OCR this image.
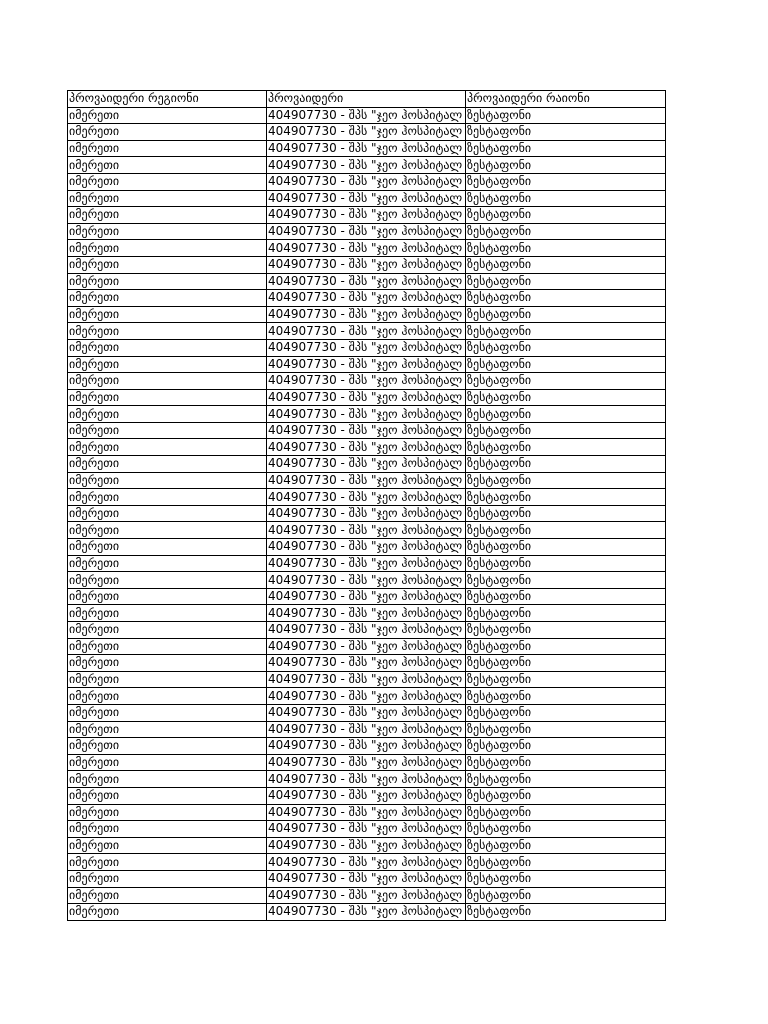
პროვაიდერი რეგიონი	პროვაიდერი	პროვაიდერი რაიონი
იმერეთი	404907730 - შპს "ჯეო ჰოსპიტალ	ზესტაფონი
იმერეთი	404907730 - შპს "ჯეო ჰოსპიტალ	ზესტაფონი
იმერეთი	404907730 - შპს "ჯეო ჰოსპიტალ	ზესტაფონი
იმერეთი	404907730 - შპს "ჯეო ჰოსპიტალ	ზესტაფონი
იმერეთი	404907730 - შპს "ჯეო ჰოსპიტალ	ზესტაფონი
იმერეთი	404907730 - შპს "ჯეო ჰოსპიტალ	ზესტაფონი
იმერეთი	404907730 - შპს "ჯეო ჰოსპიტალ	ზესტაფონი
იმერეთი	404907730 - შპს "ჯეო ჰოსპიტალ	ზესტაფონი
იმერეთი	404907730 - შპს "ჯეო ჰოსპიტალ	ზესტაფონი
იმერეთი	404907730 - შპს "ჯეო ჰოსპიტალ	ზესტაფონი
იმერეთი	404907730 - შპს "ჯეო ჰოსპიტალ	ზესტაფონი
იმერეთი	404907730 - შპს "ჯეო ჰოსპიტალ	ზესტაფონი
იმერეთი	404907730 - შპს "ჯეო ჰოსპიტალ	ზესტაფონი
იმერეთი	404907730 - შპს "ჯეო ჰოსპიტალ	ზესტაფონი
იმერეთი	404907730 - შპს "ჯეო ჰოსპიტალ	ზესტაფონი
იმერეთი	404907730 - შპს "ჯეო ჰოსპიტალ	ზესტაფონი
იმერეთი	404907730 - შპს "ჯეო ჰოსპიტალ	ზესტაფონი
იმერეთი	404907730 - შპს "ჯეო ჰოსპიტალ	ზესტაფონი
იმერეთი	404907730 - შპს "ჯეო ჰოსპიტალ	ზესტაფონი
იმერეთი	404907730 - შპს "ჯეო ჰოსპიტალ	ზესტაფონი
იმერეთი	404907730 - შპს "ჯეო ჰოსპიტალ	ზესტაფონი
იმერეთი	404907730 - შპს "ჯეო ჰოსპიტალ	ზესტაფონი
იმერეთი	404907730 - შპს "ჯეო ჰოსპიტალ	ზესტაფონი
იმერეთი	404907730 - შპს "ჯეო ჰოსპიტალ	ზესტაფონი
იმერეთი	404907730 - შპს "ჯეო ჰოსპიტალ	ზესტაფონი
იმერეთი	404907730 - შპს "ჯეო ჰოსპიტალ	ზესტაფონი
იმერეთი	404907730 - შპს "ჯეო ჰოსპიტალ	ზესტაფონი
იმერეთი	404907730 - შპს "ჯეო ჰოსპიტალ	ზესტაფონი
იმერეთი	404907730 - შპს "ჯეო ჰოსპიტალ	ზესტაფონი
იმერეთი	404907730 - შპს "ჯეო ჰოსპიტალ	ზესტაფონი
იმერეთი	404907730 - შპს "ჯეო ჰოსპიტალ	ზესტაფონი
იმერეთი	404907730 - შპს "ჯეო ჰოსპიტალ	ზესტაფონი
იმერეთი	404907730 - შპს "ჯეო ჰოსპიტალ	ზესტაფონი
იმერეთი	404907730 - შპს "ჯეო ჰოსპიტალ	ზესტაფონი
იმერეთი	404907730 - შპს "ჯეო ჰოსპიტალ	ზესტაფონი
იმერეთი	404907730 - შპს "ჯეო ჰოსპიტალ	ზესტაფონი
იმერეთი	404907730 - შპს "ჯეო ჰოსპიტალ	ზესტაფონი
იმერეთი	404907730 - შპს "ჯეო ჰოსპიტალ	ზესტაფონი
იმერეთი	404907730 - შპს "ჯეო ჰოსპიტალ	ზესტაფონი
იმერეთი	404907730 - შპს "ჯეო ჰოსპიტალ	ზესტაფონი
იმერეთი	404907730 - შპს "ჯეო ჰოსპიტალ	ზესტაფონი
იმერეთი	404907730 - შპს "ჯეო ჰოსპიტალ	ზესტაფონი
იმერეთი	404907730 - შპს "ჯეო ჰოსპიტალ	ზესტაფონი
იმერეთი	404907730 - შპს "ჯეო ჰოსპიტალ	ზესტაფონი
იმერეთი	404907730 - შპს "ჯეო ჰოსპიტალ	ზესტაფონი
იმერეთი	404907730 - შპს "ჯეო ჰოსპიტალ	ზესტაფონი
იმერეთი	404907730 - შპს "ჯეო ჰოსპიტალ	ზესტაფონი
იმერეთი	404907730 - შპს "ჯეო ჰოსპიტალ	ზესტაფონი
იმერეთი	404907730 - შპს "ჯეო ჰოსპიტალ	ზესტაფონი
